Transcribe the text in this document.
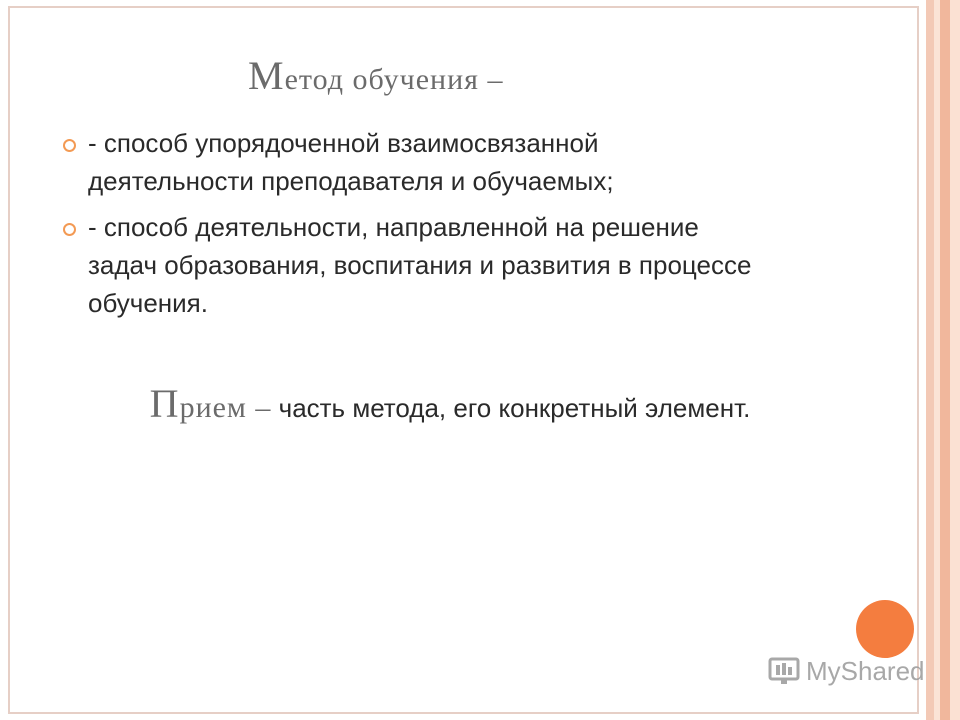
Метод обучения –
- способ упорядоченной взаимосвязанной деятельности преподавателя и обучаемых;
- способ деятельности, направленной на решение задач образования, воспитания и развития в процессе обучения.
Прием – часть метода, его конкретный элемент.
MyShared
